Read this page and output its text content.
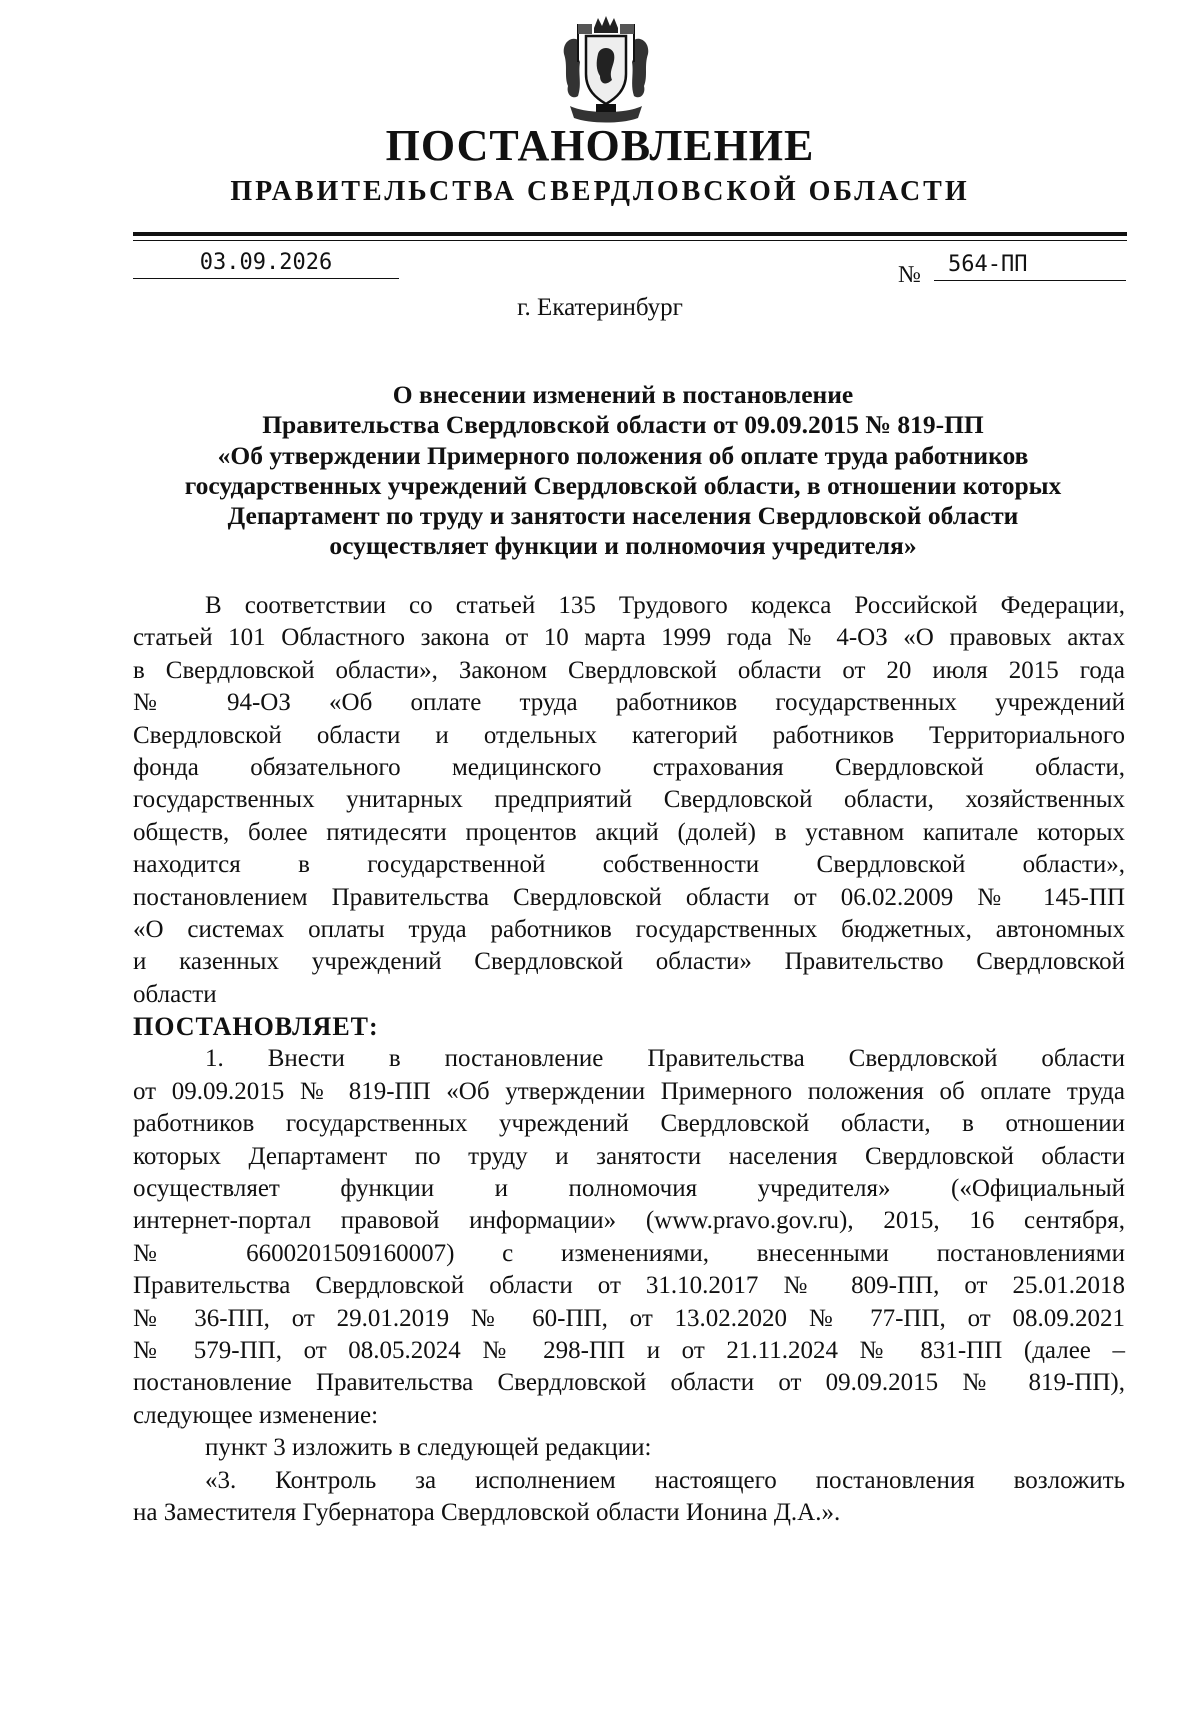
ПОСТАНОВЛЕНИЕ
ПРАВИТЕЛЬСТВА СВЕРДЛОВСКОЙ ОБЛАСТИ
03.09.2026	№	564-ПП
г. Екатеринбург
О внесении изменений в постановление
Правительства Свердловской области от 09.09.2015 № 819-ПП
«Об утверждении Примерного положения об оплате труда работников
государственных учреждений Свердловской области, в отношении которых
Департамент по труду и занятости населения Свердловской области
осуществляет функции и полномочия учредителя»
В соответствии со статьей 135 Трудового кодекса Российской Федерации,
статьей 101 Областного закона от 10 марта 1999 года № 4-ОЗ «О правовых актах
в Свердловской области», Законом Свердловской области от 20 июля 2015 года
№ 94-ОЗ «Об оплате труда работников государственных учреждений
Свердловской области и отдельных категорий работников Территориального
фонда обязательного медицинского страхования Свердловской области,
государственных унитарных предприятий Свердловской области, хозяйственных
обществ, более пятидесяти процентов акций (долей) в уставном капитале которых
находится в государственной собственности Свердловской области»,
постановлением Правительства Свердловской области от 06.02.2009 № 145-ПП
«О системах оплаты труда работников государственных бюджетных, автономных
и казенных учреждений Свердловской области» Правительство Свердловской
области
ПОСТАНОВЛЯЕТ:
1. Внести в постановление Правительства Свердловской области
от 09.09.2015 № 819-ПП «Об утверждении Примерного положения об оплате труда
работников государственных учреждений Свердловской области, в отношении
которых Департамент по труду и занятости населения Свердловской области
осуществляет функции и полномочия учредителя» («Официальный
интернет-портал правовой информации» (www.pravo.gov.ru), 2015, 16 сентября,
№ 6600201509160007) с изменениями, внесенными постановлениями
Правительства Свердловской области от 31.10.2017 № 809-ПП, от 25.01.2018
№ 36-ПП, от 29.01.2019 № 60-ПП, от 13.02.2020 № 77-ПП, от 08.09.2021
№ 579-ПП, от 08.05.2024 № 298-ПП и от 21.11.2024 № 831-ПП (далее –
постановление Правительства Свердловской области от 09.09.2015 № 819-ПП),
следующее изменение:
пункт 3 изложить в следующей редакции:
«3. Контроль за исполнением настоящего постановления возложить
на Заместителя Губернатора Свердловской области Ионина Д.А.».
